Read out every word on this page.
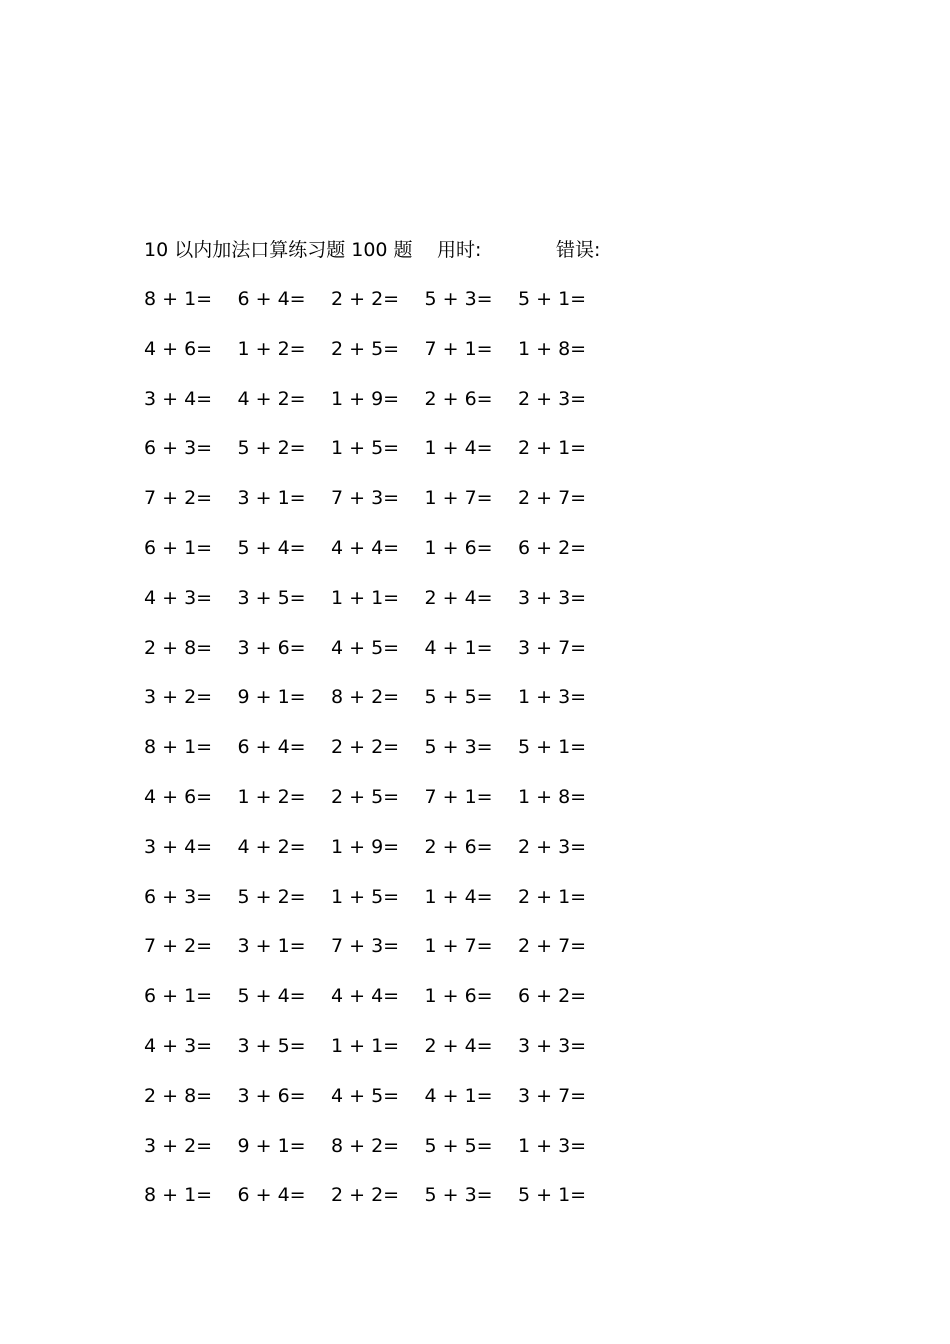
10 以内加法口算练习题 100 题 用时:	错误:
8 + 1=	6 + 4=	2 + 2=	5 + 3=	5 + 1=
4 + 6=	1 + 2=	2 + 5=	7 + 1=	1 + 8=
3 + 4=	4 + 2=	1 + 9=	2 + 6=	2 + 3=
6 + 3=	5 + 2=	1 + 5=	1 + 4=	2 + 1=
7 + 2=	3 + 1=	7 + 3=	1 + 7=	2 + 7=
6 + 1=	5 + 4=	4 + 4=	1 + 6=	6 + 2=
4 + 3=	3 + 5=	1 + 1=	2 + 4=	3 + 3=
2 + 8=	3 + 6=	4 + 5=	4 + 1=	3 + 7=
3 + 2=	9 + 1=	8 + 2=	5 + 5=	1 + 3=
8 + 1=	6 + 4=	2 + 2=	5 + 3=	5 + 1=
4 + 6=	1 + 2=	2 + 5=	7 + 1=	1 + 8=
3 + 4=	4 + 2=	1 + 9=	2 + 6=	2 + 3=
6 + 3=	5 + 2=	1 + 5=	1 + 4=	2 + 1=
7 + 2=	3 + 1=	7 + 3=	1 + 7=	2 + 7=
6 + 1=	5 + 4=	4 + 4=	1 + 6=	6 + 2=
4 + 3=	3 + 5=	1 + 1=	2 + 4=	3 + 3=
2 + 8=	3 + 6=	4 + 5=	4 + 1=	3 + 7=
3 + 2=	9 + 1=	8 + 2=	5 + 5=	1 + 3=
8 + 1=	6 + 4=	2 + 2=	5 + 3=	5 + 1=
